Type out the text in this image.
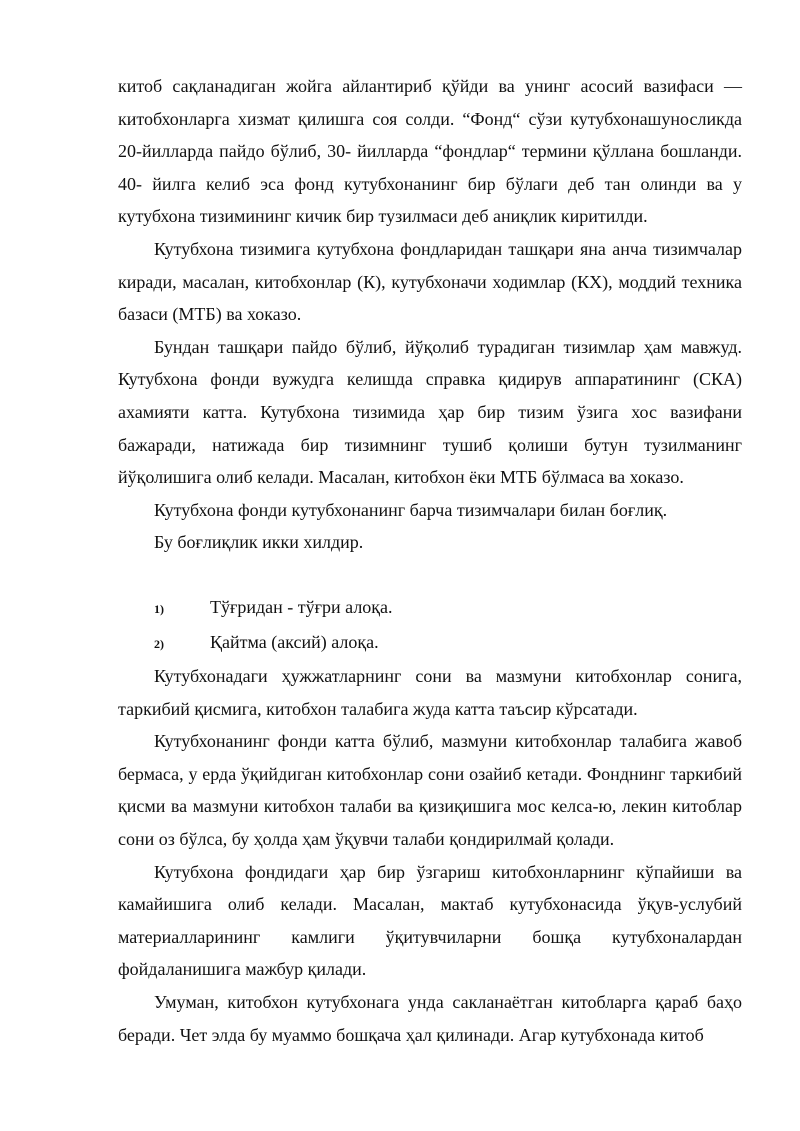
китоб сақланадиган жойга айлантириб қўйди ва унинг асосий вазифаси — китобхонларга хизмат қилишга соя солди. “Фонд“ сўзи кутубхонашуносликда 20-йилларда пайдо бўлиб, 30- йилларда “фондлар“ термини қўллана бошланди. 40- йилга келиб эса фонд кутубхонанинг бир бўлаги деб тан олинди ва у кутубхона тизимининг кичик бир тузилмаси деб аниқлик киритилди.

Кутубхона тизимига кутубхона фондларидан ташқари яна анча тизимчалар киради, масалан, китобхонлар (К), кутубхоначи ходимлар (КХ), моддий техника базаси (МТБ) ва хоказо.

Бундан ташқари пайдо бўлиб, йўқолиб турадиган тизимлар ҳам мавжуд. Кутубхона фонди вужудга келишда справка қидирув аппаратининг (СКА) ахамияти катта. Кутубхона тизимида ҳар бир тизим ўзига хос вазифани бажаради, натижада бир тизимнинг тушиб қолиши бутун тузилманинг йўқолишига олиб келади. Масалан, китобхон ёки МТБ бўлмаса ва хоказо.

Кутубхона фонди кутубхонанинг барча тизимчалари билан боғлиқ.

Бу боғлиқлик икки хилдир.

1)	Тўғридан - тўғри алоқа.
2)	Қайтма (аксий) алоқа.

Кутубхонадаги ҳужжатларнинг сони ва мазмуни китобхонлар сонига, таркибий қисмига, китобхон талабига жуда катта таъсир кўрсатади.

Кутубхонанинг фонди катта бўлиб, мазмуни китобхонлар талабига жавоб бермаса, у ерда ўқийдиган китобхонлар сони озайиб кетади. Фонднинг таркибий қисми ва мазмуни китобхон талаби ва қизиқишига мос келса-ю, лекин китоблар сони оз бўлса, бу ҳолда ҳам ўқувчи талаби қондирилмай қолади.

Кутубхона фондидаги ҳар бир ўзгариш китобхонларнинг кўпайиши ва камайишига олиб келади. Масалан, мактаб кутубхонасида ўқув-услубий материалларининг камлиги ўқитувчиларни бошқа кутубхоналардан фойдаланишига мажбур қилади.

Умуман, китобхон кутубхонага унда сакланаётган китобларга қараб баҳо беради. Чет элда бу муаммо бошқача ҳал қилинади. Агар кутубхонада китоб
